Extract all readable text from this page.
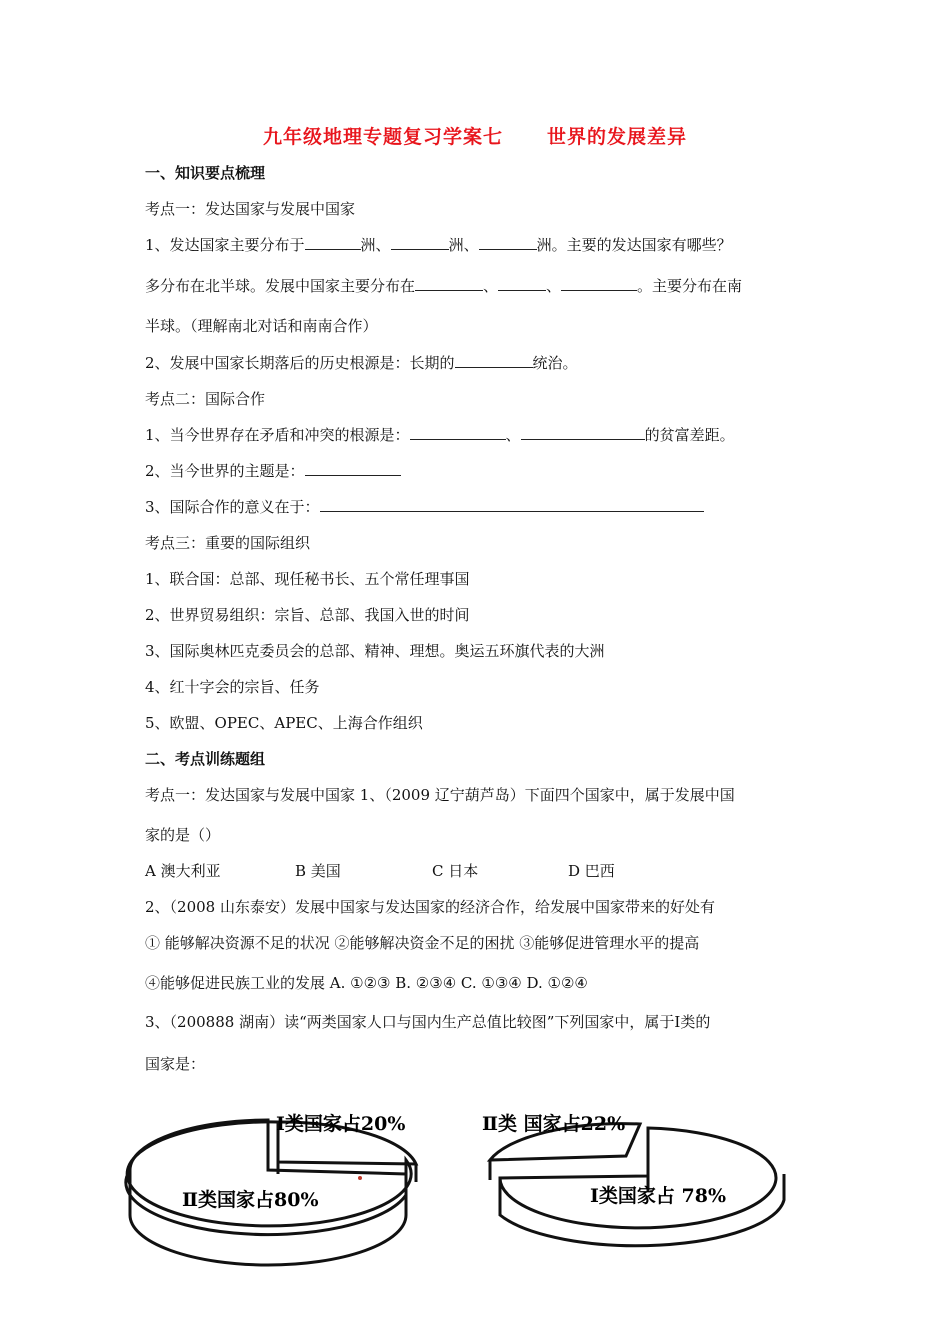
九年级地理专题复习学案七 世界的发展差异
一、知识要点梳理
考点一：发达国家与发展中国家
1、发达国家主要分布于	洲、	洲、	洲。主要的发达国家有哪些？
多分布在北半球。发展中国家主要分布在	、	、	。主要分布在南
半球。（理解南北对话和南南合作）
2、发展中国家长期落后的历史根源是：长期的	统治。
考点二：国际合作
1、当今世界存在矛盾和冲突的根源是：	、	的贫富差距。
2、当今世界的主题是：
3、国际合作的意义在于：
考点三：重要的国际组织
1、联合国：总部、现任秘书长、五个常任理事国
2、世界贸易组织：宗旨、总部、我国入世的时间
3、国际奥林匹克委员会的总部、精神、理想。奥运五环旗代表的大洲
4、红十字会的宗旨、任务
5、欧盟、OPEC、APEC、上海合作组织
二、考点训练题组
考点一：发达国家与发展中国家 1、（2009 辽宁葫芦岛）下面四个国家中，属于发展中国
家的是（）
A 澳大利亚	B 美国	C 日本	D 巴西
2、（2008 山东泰安）发展中国家与发达国家的经济合作，给发展中国家带来的好处有
① 能够解决资源不足的状况 ②能够解决资金不足的困扰 ③能够促进管理水平的提高
④能够促进民族工业的发展 A. ①②③ B. ②③④ C. ①③④ D. ①②④
3、（200888 湖南）读“两类国家人口与国内生产总值比较图”下列国家中，属于Ⅰ类的
国家是：
Ⅰ类国家占20%
Ⅱ类国家占80%
Ⅱ类 国家占22%
Ⅰ类国家占 78%
